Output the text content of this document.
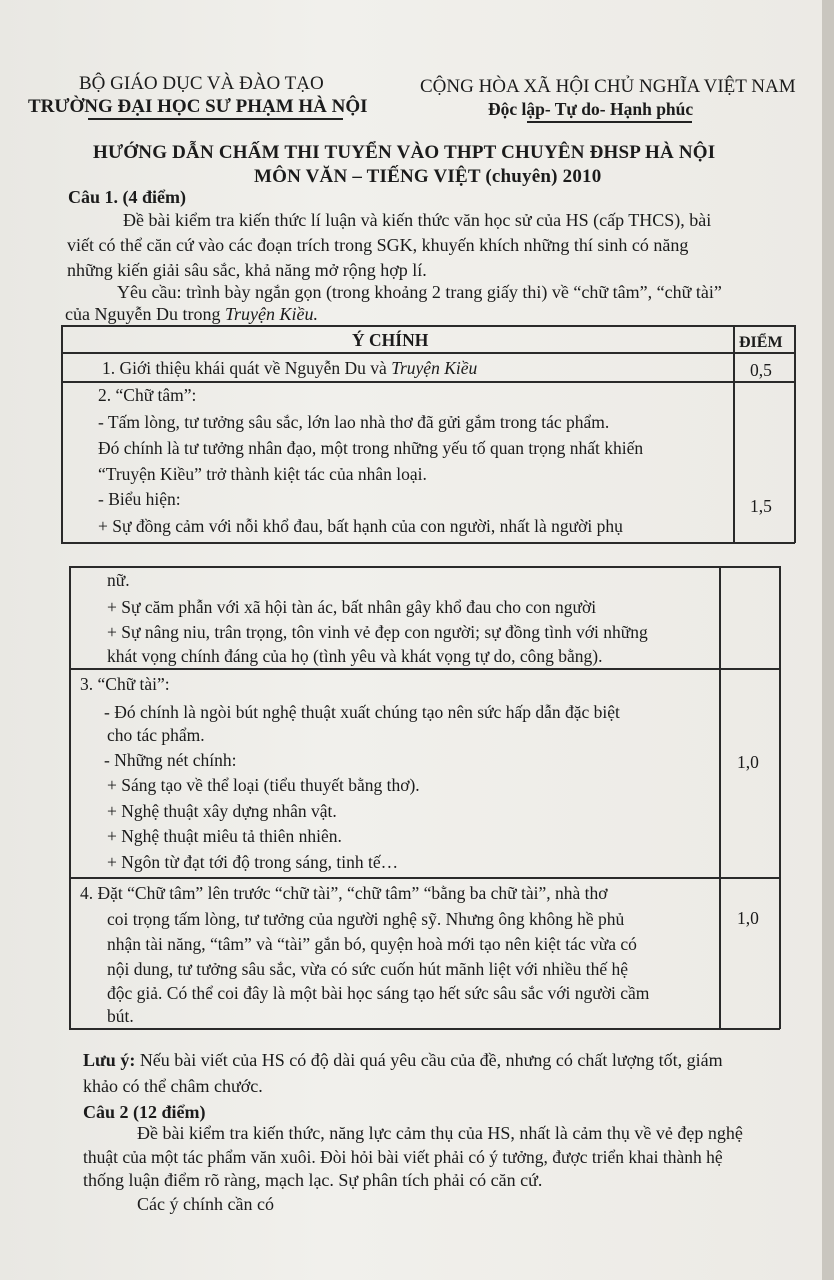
BỘ GIÁO DỤC VÀ ĐÀO TẠO
TRƯỜNG ĐẠI HỌC SƯ PHẠM HÀ NỘI
CỘNG HÒA XÃ HỘI CHỦ NGHĨA VIỆT NAM
Độc lập- Tự do- Hạnh phúc
HƯỚNG DẪN CHẤM THI TUYỂN VÀO THPT CHUYÊN ĐHSP HÀ NỘI
MÔN VĂN – TIẾNG VIỆT (chuyên) 2010
Câu 1. (4 điểm)
Đề bài kiểm tra kiến thức lí luận và kiến thức văn học sử của HS (cấp THCS), bài
viết có thể căn cứ vào các đoạn trích trong SGK, khuyến khích những thí sinh có năng
những kiến giải sâu sắc, khả năng mở rộng hợp lí.
Yêu cầu: trình bày ngắn gọn (trong khoảng 2 trang giấy thi) về “chữ tâm”, “chữ tài”
của Nguyễn Du trong Truyện Kiều.
Ý CHÍNH	ĐIỂM
1. Giới thiệu khái quát về Nguyễn Du và Truyện Kiều	0,5
2. “Chữ tâm”:
- Tấm lòng, tư tưởng sâu sắc, lớn lao nhà thơ đã gửi gắm trong tác phẩm.
Đó chính là tư tưởng nhân đạo, một trong những yếu tố quan trọng nhất khiến
“Truyện Kiều” trở thành kiệt tác của nhân loại.
- Biểu hiện:
+ Sự đồng cảm với nỗi khổ đau, bất hạnh của con người, nhất là người phụ
1,5
nữ.
+ Sự căm phẫn với xã hội tàn ác, bất nhân gây khổ đau cho con người
+ Sự nâng niu, trân trọng, tôn vinh vẻ đẹp con người; sự đồng tình với những
khát vọng chính đáng của họ (tình yêu và khát vọng tự do, công bằng).
3. “Chữ tài”:
- Đó chính là ngòi bút nghệ thuật xuất chúng tạo nên sức hấp dẫn đặc biệt
cho tác phẩm.
- Những nét chính:
+ Sáng tạo về thể loại (tiểu thuyết bằng thơ).
+ Nghệ thuật xây dựng nhân vật.
+ Nghệ thuật miêu tả thiên nhiên.
+ Ngôn từ đạt tới độ trong sáng, tinh tế…
1,0
4. Đặt “Chữ tâm” lên trước “chữ tài”, “chữ tâm” “bằng ba chữ tài”, nhà thơ
coi trọng tấm lòng, tư tưởng của người nghệ sỹ. Nhưng ông không hề phủ
nhận tài năng, “tâm” và “tài” gắn bó, quyện hoà mới tạo nên kiệt tác vừa có
nội dung, tư tưởng sâu sắc, vừa có sức cuốn hút mãnh liệt với nhiều thế hệ
độc giả. Có thể coi đây là một bài học sáng tạo hết sức sâu sắc với người cầm
bút.
1,0
Lưu ý: Nếu bài viết của HS có độ dài quá yêu cầu của đề, nhưng có chất lượng tốt, giám
khảo có thể châm chước.
Câu 2 (12 điểm)
Đề bài kiểm tra kiến thức, năng lực cảm thụ của HS, nhất là cảm thụ về vẻ đẹp nghệ
thuật của một tác phẩm văn xuôi. Đòi hỏi bài viết phải có ý tưởng, được triển khai thành hệ
thống luận điểm rõ ràng, mạch lạc. Sự phân tích phải có căn cứ.
Các ý chính cần có
